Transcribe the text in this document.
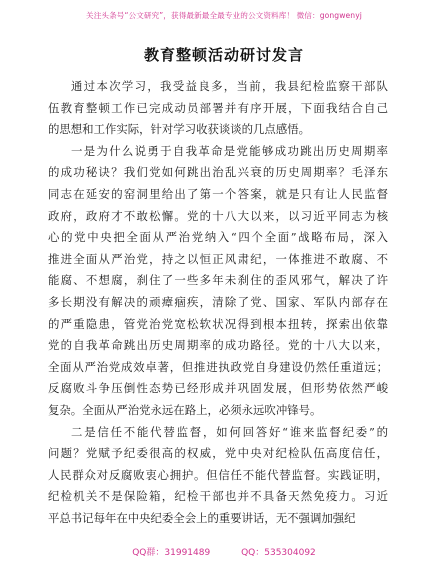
关注头条号“公文研究”，获得最新最全最专业的公文资料库！ 微信：gongwenyj
教育整顿活动研讨发言
通过本次学习，我受益良多，当前，我县纪检监察干部队
伍教育整顿工作已完成动员部署并有序开展，下面我结合自己
的思想和工作实际，针对学习收获谈谈的几点感悟。
一是为什么说勇于自我革命是党能够成功跳出历史周期率
的成功秘诀？我们党如何跳出治乱兴衰的历史周期率？毛泽东
同志在延安的窑洞里给出了第一个答案，就是只有让人民监督
政府，政府才不敢松懈。党的十八大以来，以习近平同志为核
心的党中央把全面从严治党纳入“四个全面”战略布局，深入
推进全面从严治党，持之以恒正风肃纪，一体推进不敢腐、不
能腐、不想腐，刹住了一些多年未刹住的歪风邪气，解决了许
多长期没有解决的顽瘴痼疾，清除了党、国家、军队内部存在
的严重隐患，管党治党宽松软状况得到根本扭转，探索出依靠
党的自我革命跳出历史周期率的成功路径。党的十八大以来，
全面从严治党成效卓著，但推进执政党自身建设仍然任重道远；
反腐败斗争压倒性态势已经形成并巩固发展，但形势依然严峻
复杂。全面从严治党永远在路上，必须永远吹冲锋号。
二是信任不能代替监督，如何回答好“谁来监督纪委”的
问题？党赋予纪委很高的权威，党中央对纪检队伍高度信任，
人民群众对反腐败衷心拥护。但信任不能代替监督。实践证明，
纪检机关不是保险箱，纪检干部也并不具备天然免疫力。习近
平总书记每年在中央纪委全会上的重要讲话，无不强调加强纪
QQ群：31991489	QQ：535304092
